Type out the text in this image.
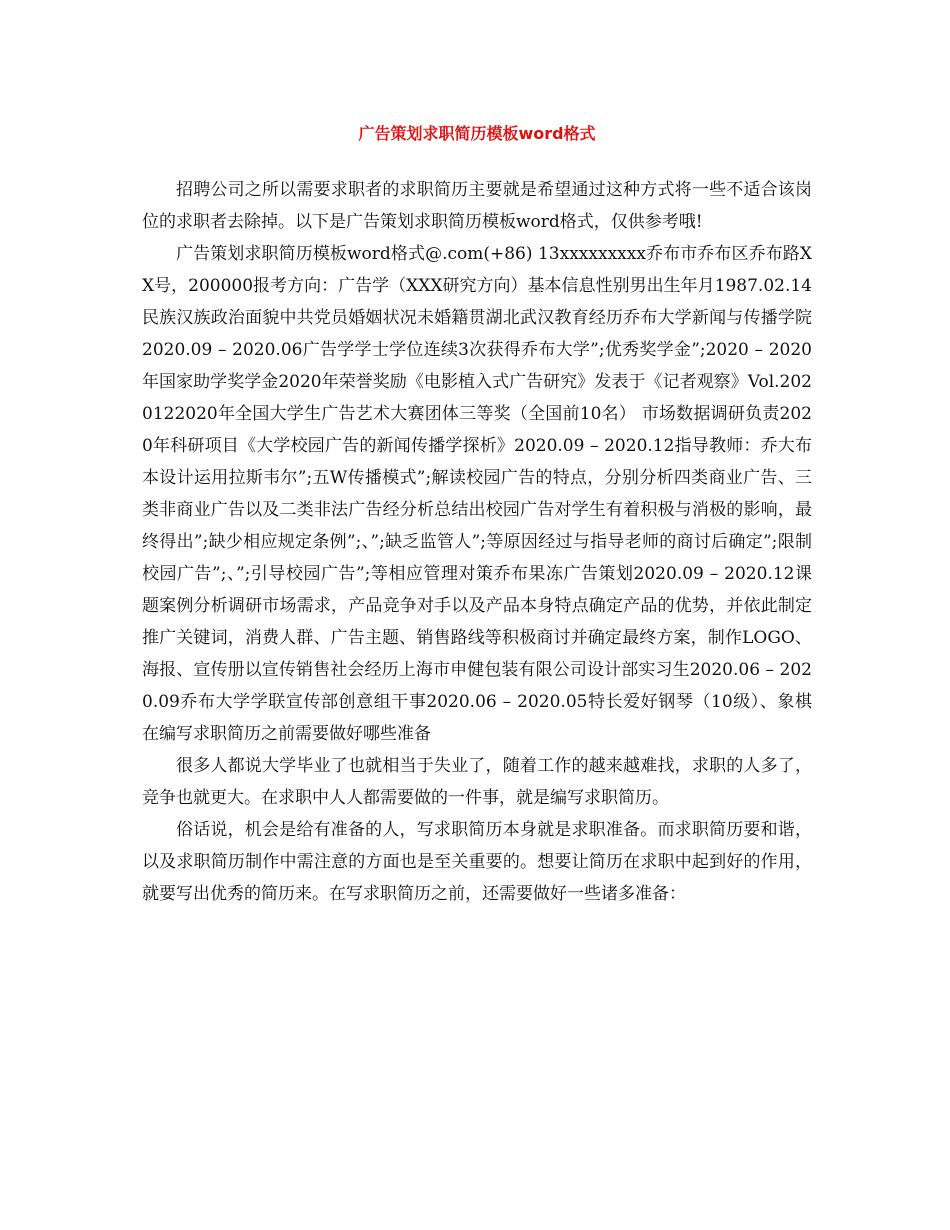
广告策划求职简历模板word格式

招聘公司之所以需要求职者的求职简历主要就是希望通过这种方式将一些不适合该岗位的求职者去除掉。以下是广告策划求职简历模板word格式，仅供参考哦!

广告策划求职简历模板word格式@.com(+86) 13xxxxxxxxx乔布市乔布区乔布路XX号，200000报考方向：广告学（XXX研究方向）基本信息性别男出生年月1987.02.14民族汉族政治面貌中共党员婚姻状况未婚籍贯湖北武汉教育经历乔布大学新闻与传播学院2020.09 – 2020.06广告学学士学位连续3次获得乔布大学”;优秀奖学金”;2020 – 2020年国家助学奖学金2020年荣誉奖励《电影植入式广告研究》发表于《记者观察》Vol.2020122020年全国大学生广告艺术大赛团体三等奖（全国前10名） 市场数据调研负责2020年科研项目《大学校园广告的新闻传播学探析》2020.09 – 2020.12指导教师：乔大布本设计运用拉斯韦尔”;五W传播模式”;解读校园广告的特点，分别分析四类商业广告、三类非商业广告以及二类非法广告经分析总结出校园广告对学生有着积极与消极的影响，最终得出”;缺少相应规定条例”;、”;缺乏监管人”;等原因经过与指导老师的商讨后确定”;限制校园广告”;、”;引导校园广告”;等相应管理对策乔布果冻广告策划2020.09 – 2020.12课题案例分析调研市场需求，产品竞争对手以及产品本身特点确定产品的优势，并依此制定推广关键词，消费人群、广告主题、销售路线等积极商讨并确定最终方案，制作LOGO、海报、宣传册以宣传销售社会经历上海市申健包装有限公司设计部实习生2020.06 – 2020.09乔布大学学联宣传部创意组干事2020.06 – 2020.05特长爱好钢琴（10级）、象棋　　在编写求职简历之前需要做好哪些准备

很多人都说大学毕业了也就相当于失业了，随着工作的越来越难找，求职的人多了，竞争也就更大。在求职中人人都需要做的一件事，就是编写求职简历。

俗话说，机会是给有准备的人，写求职简历本身就是求职准备。而求职简历要和谐，以及求职简历制作中需注意的方面也是至关重要的。想要让简历在求职中起到好的作用，就要写出优秀的简历来。在写求职简历之前，还需要做好一些诸多准备：
